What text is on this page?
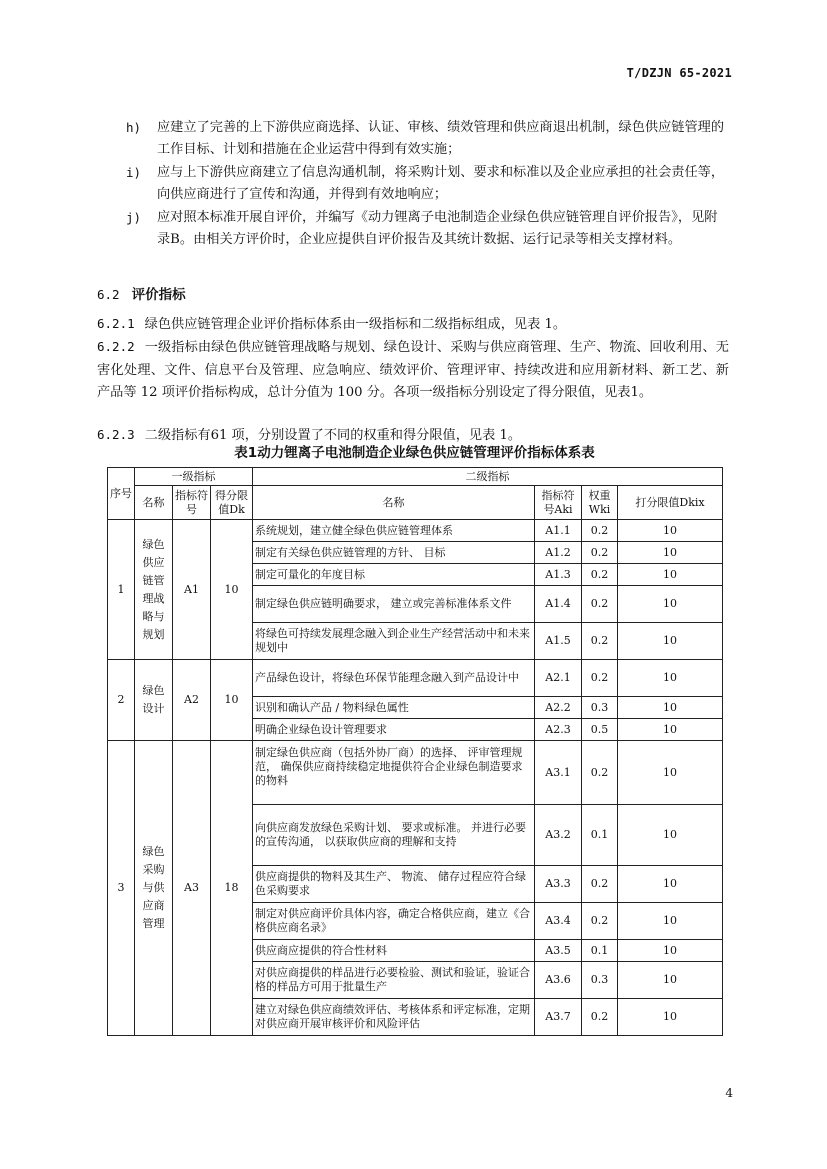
T/DZJN 65-2021
h) 应建立了完善的上下游供应商选择、认证、审核、绩效管理和供应商退出机制，绿色供应链管理的工作目标、计划和措施在企业运营中得到有效实施；
i) 应与上下游供应商建立了信息沟通机制，将采购计划、要求和标准以及企业应承担的社会责任等，向供应商进行了宣传和沟通，并得到有效地响应；
j) 应对照本标准开展自评价，并编写《动力锂离子电池制造企业绿色供应链管理自评价报告》，见附录B。由相关方评价时，企业应提供自评价报告及其统计数据、运行记录等相关支撑材料。
6.2 评价指标
6.2.1 绿色供应链管理企业评价指标体系由一级指标和二级指标组成，见表 1。
6.2.2 一级指标由绿色供应链管理战略与规划、绿色设计、采购与供应商管理、生产、物流、回收利用、无害化处理、文件、信息平台及管理、应急响应、绩效评价、管理评审、持续改进和应用新材料、新工艺、新产品等 12 项评价指标构成，总计分值为 100 分。各项一级指标分别设定了得分限值，见表1。
6.2.3 二级指标有61 项，分别设置了不同的权重和得分限值，见表 1。
表1动力锂离子电池制造企业绿色供应链管理评价指标体系表
序号	一级指标			二级指标			
	名称	指标符号	得分限值Dk	名称	指标符号Aki	权重Wki	打分限值Dkix
1	绿色供应链管理战略与规划	A1	10	系统规划，建立健全绿色供应链管理体系	A1.1	0.2	10
				制定有关绿色供应链管理的方针、 目标	A1.2	0.2	10
				制定可量化的年度目标	A1.3	0.2	10
				制定绿色供应链明确要求， 建立或完善标准体系文件	A1.4	0.2	10
				将绿色可持续发展理念融入到企业生产经营活动中和未来规划中	A1.5	0.2	10
2	绿色设计	A2	10	产品绿色设计，将绿色环保节能理念融入到产品设计中	A2.1	0.2	10
				识别和确认产品 / 物料绿色属性	A2.2	0.3	10
				明确企业绿色设计管理要求	A2.3	0.5	10
3	绿色采购与供应商管理	A3	18	制定绿色供应商（包括外协厂商）的选择、 评审管理规范， 确保供应商持续稳定地提供符合企业绿色制造要求的物料	A3.1	0.2	10
				向供应商发放绿色采购计划、 要求或标准。 并进行必要的宣传沟通， 以获取供应商的理解和支持	A3.2	0.1	10
				供应商提供的物料及其生产、 物流、 储存过程应符合绿色采购要求	A3.3	0.2	10
				制定对供应商评价具体内容，确定合格供应商，建立《合格供应商名录》	A3.4	0.2	10
				供应商应提供的符合性材料	A3.5	0.1	10
				对供应商提供的样品进行必要检验、测试和验证，验证合格的样品方可用于批量生产	A3.6	0.3	10
				建立对绿色供应商绩效评估、考核体系和评定标准，定期对供应商开展审核评价和风险评估	A3.7	0.2	10
4
